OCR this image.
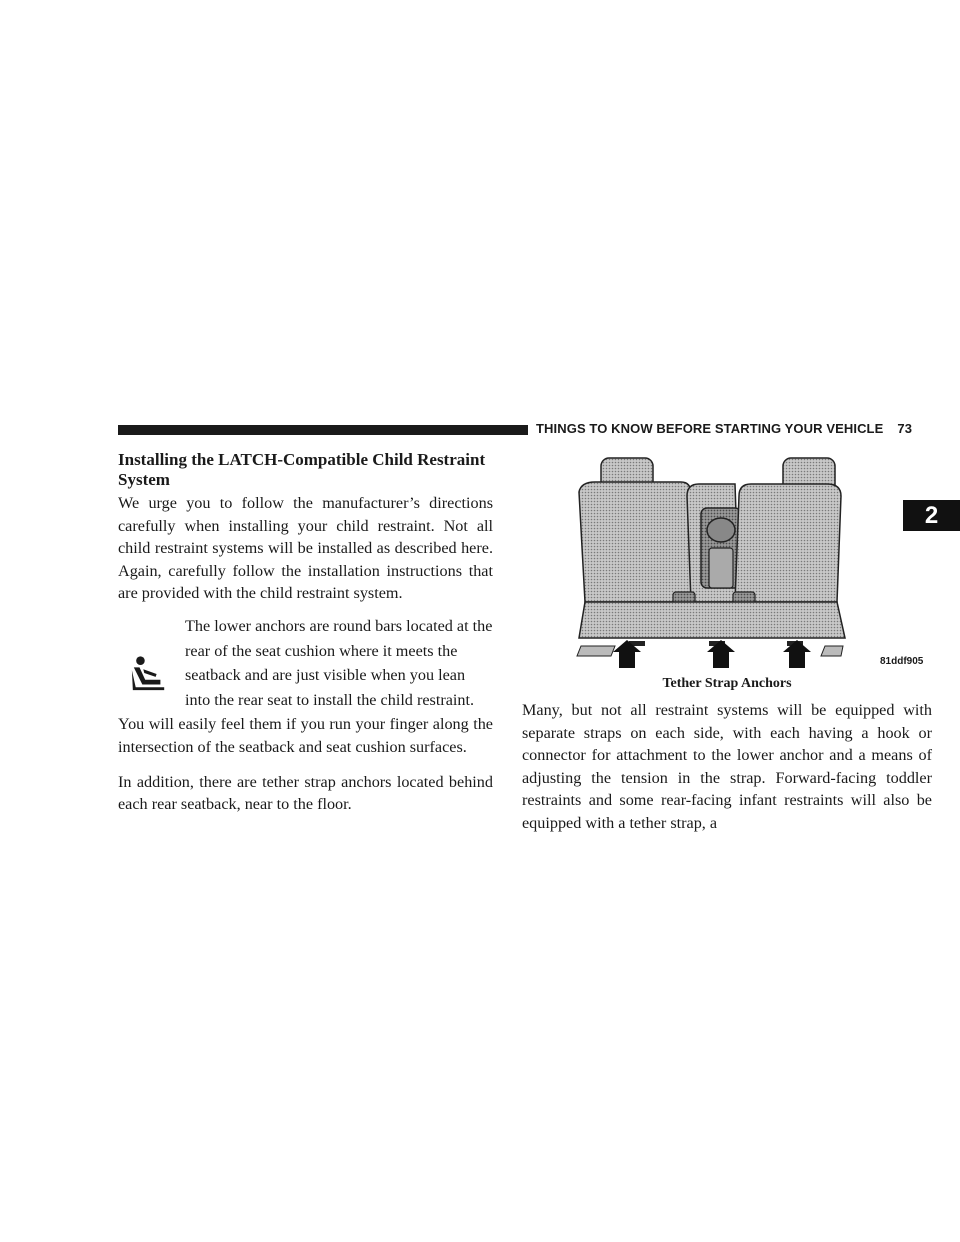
THINGS TO KNOW BEFORE STARTING YOUR VEHICLE 73
2
Installing the LATCH-Compatible Child Restraint System

We urge you to follow the manufacturer’s directions carefully when installing your child restraint. Not all child restraint systems will be installed as described here. Again, carefully follow the installation instructions that are provided with the child restraint system.

The lower anchors are round bars located at the
rear of the seat cushion where it meets the
seatback and are just visible when you lean
into the rear seat to install the child restraint.
You will easily feel them if you run your finger along the intersection of the seatback and seat cushion surfaces.

In addition, there are tether strap anchors located behind each rear seatback, near to the floor.

81ddf905
Tether Strap Anchors

Many, but not all restraint systems will be equipped with separate straps on each side, with each having a hook or connector for attachment to the lower anchor and a means of adjusting the tension in the strap. Forward-facing toddler restraints and some rear-facing infant restraints will also be equipped with a tether strap, a
